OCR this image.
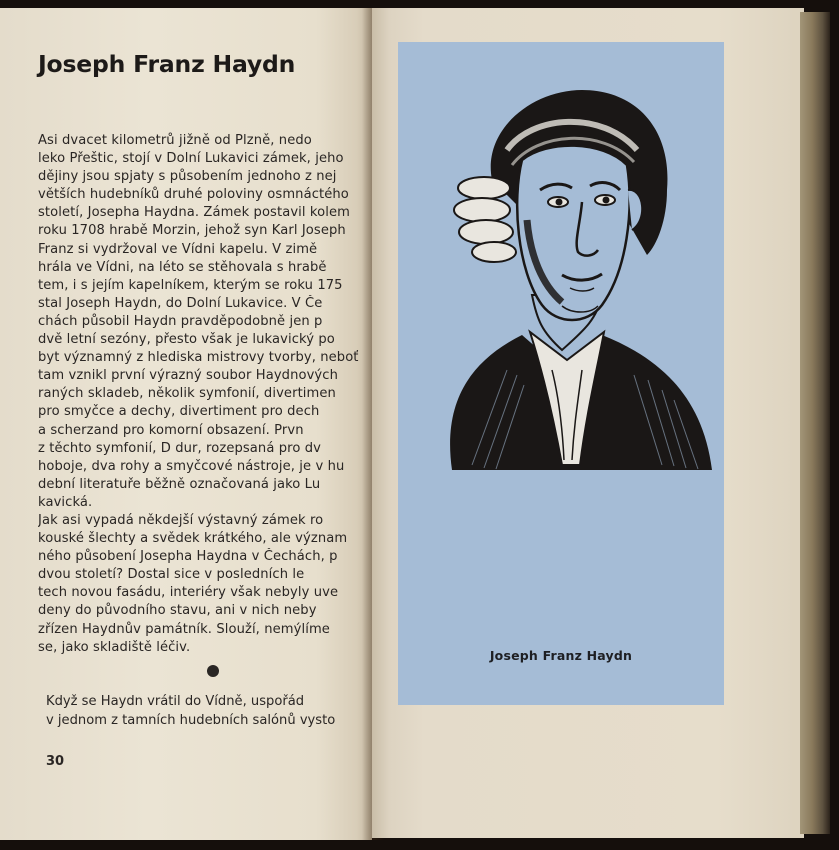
Joseph Franz Haydn
Asi dvacet kilometrů jižně od Plzně, nedo
leko Přeštic, stojí v Dolní Lukavici zámek, jeho
dějiny jsou spjaty s působením jednoho z nej
větších hudebníků druhé poloviny osmnáctého
století, Josepha Haydna. Zámek postavil kolem
roku 1708 hrabě Morzin, jehož syn Karl Joseph
Franz si vydržoval ve Vídni kapelu. V zimě
hrála ve Vídni, na léto se stěhovala s hrabě
tem, i s jejím kapelníkem, kterým se roku 175
stal Joseph Haydn, do Dolní Lukavice. V Če
chách působil Haydn pravděpodobně jen p
dvě letní sezóny, přesto však je lukavický po
byt významný z hlediska mistrovy tvorby, neboť
tam vznikl první výrazný soubor Haydnových
raných skladeb, několik symfonií, divertimen
pro smyčce a dechy, divertiment pro dech
a scherzand pro komorní obsazení. Prvn
z těchto symfonií, D dur, rozepsaná pro dv
hoboje, dva rohy a smyčcové nástroje, je v hu
dební literatuře běžně označovaná jako Lu
kavická.
Jak asi vypadá někdejší výstavný zámek ro
kouské šlechty a svědek krátkého, ale význam
ného působení Josepha Haydna v Čechách, p
dvou století? Dostal sice v posledních le
tech novou fasádu, interiéry však nebyly uve
deny do původního stavu, ani v nich neby
zřízen Haydnův památník. Slouží, nemýlíme
se, jako skladiště léčiv.
Když se Haydn vrátil do Vídně, uspořád
v jednom z tamních hudebních salónů vysto
30
Joseph Franz Haydn
